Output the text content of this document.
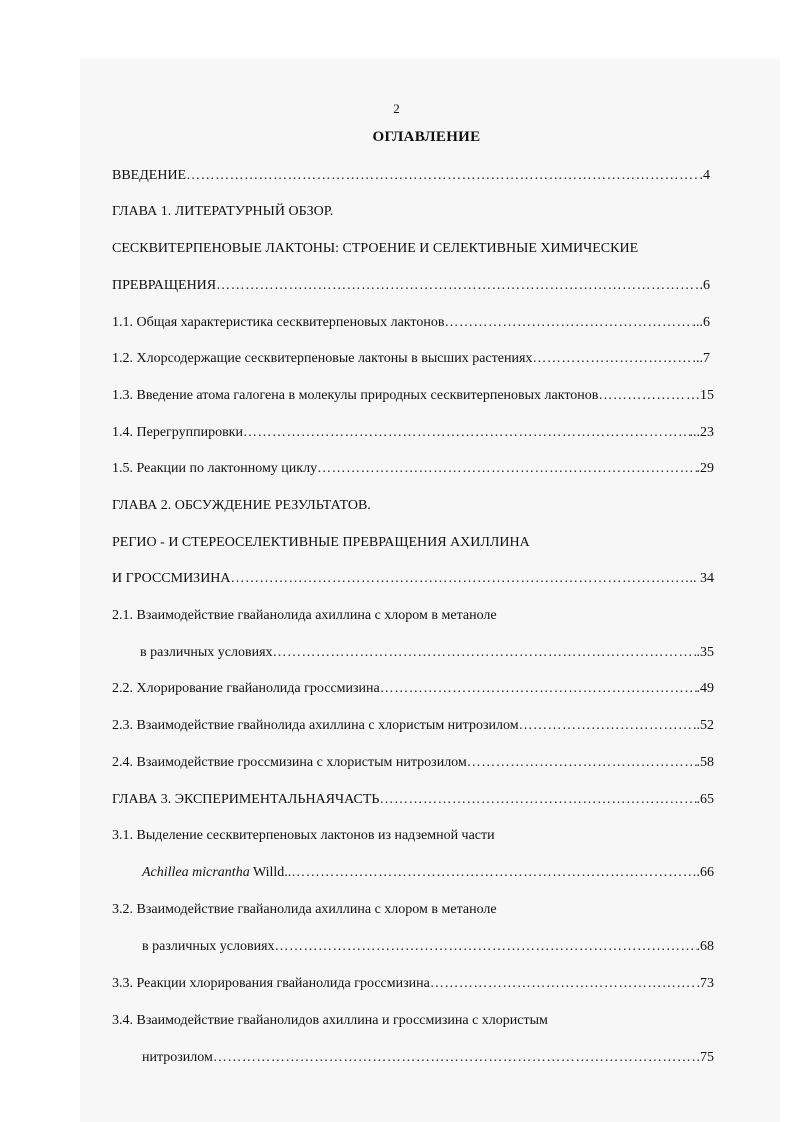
2
ОГЛАВЛЕНИЕ
ВВЕДЕНИЕ …………………………………………………………………………………………………………………………………………………………………………………………	.4
ГЛАВА 1. ЛИТЕРАТУРНЫЙ ОБЗОР.
СЕСКВИТЕРПЕНОВЫЕ ЛАКТОНЫ: СТРОЕНИЕ И СЕЛЕКТИВНЫЕ ХИМИЧЕСКИЕ
ПРЕВРАЩЕНИЯ …………………………………………………………………………………………………………………………………………………………………………………………	.6
1.1. Общая характеристика сесквитерпеновых лактонов …………………………………………………………………………………………………………………………………………………………………………………………	...6
1.2. Хлорсодержащие сесквитерпеновые лактоны в высших растениях …………………………………………………………………………………………………………………………………………………………………………………………	..7
1.3. Введение атома галогена в молекулы природных сесквитерпеновых лактонов …………………………………………………………………………………………………………………………………………………………………………………………	…15
1.4. Перегруппировки …………………………………………………………………………………………………………………………………………………………………………………………	...23
1.5. Реакции по лактонному циклу …………………………………………………………………………………………………………………………………………………………………………………………	.29
ГЛАВА 2. ОБСУЖДЕНИЕ РЕЗУЛЬТАТОВ.
РЕГИО - И СТЕРЕОСЕЛЕКТИВНЫЕ ПРЕВРАЩЕНИЯ АХИЛЛИНА
И ГРОССМИЗИНА …………………………………………………………………………………………………………………………………………………………………………………………	.. 34
2.1. Взаимодействие гвайанолида ахиллина с хлором в метаноле
в различных условиях …………………………………………………………………………………………………………………………………………………………………………………………	.35
2.2. Хлорирование гвайанолида гроссмизина …………………………………………………………………………………………………………………………………………………………………………………………	.49
2.3. Взаимодействие гвайнолида ахиллина с хлористым нитрозилом …………………………………………………………………………………………………………………………………………………………………………………………	.52
2.4. Взаимодействие гроссмизина с хлористым нитрозилом …………………………………………………………………………………………………………………………………………………………………………………………	.58
ГЛАВА 3. ЭКСПЕРИМЕНТАЛЬНАЯЧАСТЬ …………………………………………………………………………………………………………………………………………………………………………………………	.65
3.1. Выделение сесквитерпеновых лактонов из надземной части
Achillea micrantha Willd.. …………………………………………………………………………………………………………………………………………………………………………………………	.66
3.2. Взаимодействие гвайанолида ахиллина с хлором в метаноле
в различных условиях …………………………………………………………………………………………………………………………………………………………………………………………	.68
3.3. Реакции хлорирования гвайанолида гроссмизина …………………………………………………………………………………………………………………………………………………………………………………………	.73
3.4. Взаимодействие гвайанолидов ахиллина и гроссмизина с хлористым
нитрозилом …………………………………………………………………………………………………………………………………………………………………………………………	.75
